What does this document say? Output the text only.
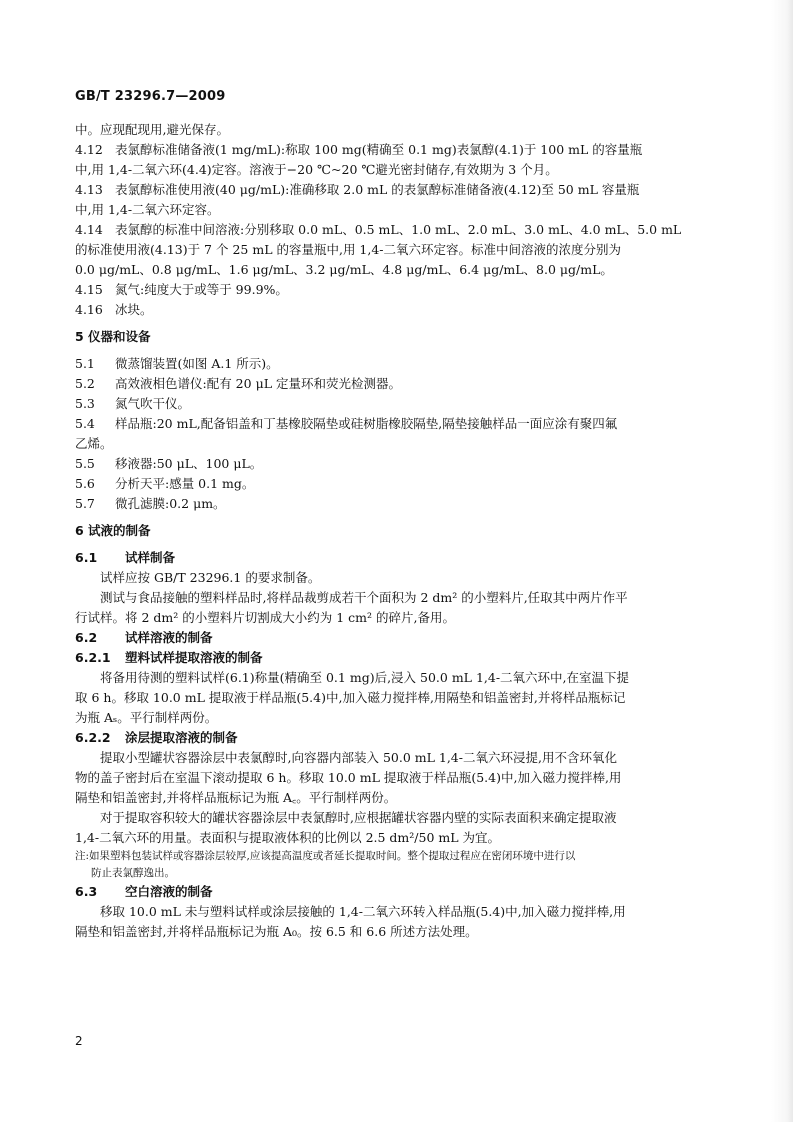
GB/T 23296.7—2009
中。应现配现用,避光保存。
4.12 表氯醇标准储备液(1 mg/mL):称取 100 mg(精确至 0.1 mg)表氯醇(4.1)于 100 mL 的容量瓶
中,用 1,4-二氧六环(4.4)定容。溶液于−20 ℃~20 ℃避光密封储存,有效期为 3 个月。
4.13 表氯醇标准使用液(40 μg/mL):准确移取 2.0 mL 的表氯醇标准储备液(4.12)至 50 mL 容量瓶
中,用 1,4-二氧六环定容。
4.14 表氯醇的标准中间溶液:分别移取 0.0 mL、0.5 mL、1.0 mL、2.0 mL、3.0 mL、4.0 mL、5.0 mL
的标准使用液(4.13)于 7 个 25 mL 的容量瓶中,用 1,4-二氧六环定容。标准中间溶液的浓度分别为
0.0 μg/mL、0.8 μg/mL、1.6 μg/mL、3.2 μg/mL、4.8 μg/mL、6.4 μg/mL、8.0 μg/mL。
4.15 氮气:纯度大于或等于 99.9%。
4.16 冰块。
5 仪器和设备
5.1 微蒸馏装置(如图 A.1 所示)。
5.2 高效液相色谱仪:配有 20 μL 定量环和荧光检测器。
5.3 氮气吹干仪。
5.4 样品瓶:20 mL,配备铝盖和丁基橡胶隔垫或硅树脂橡胶隔垫,隔垫接触样品一面应涂有聚四氟
乙烯。
5.5 移液器:50 μL、100 μL。
5.6 分析天平:感量 0.1 mg。
5.7 微孔滤膜:0.2 μm。
6 试液的制备
6.1 试样制备
试样应按 GB/T 23296.1 的要求制备。
测试与食品接触的塑料样品时,将样品裁剪成若干个面积为 2 dm² 的小塑料片,任取其中两片作平
行试样。将 2 dm² 的小塑料片切割成大小约为 1 cm² 的碎片,备用。
6.2 试样溶液的制备
6.2.1 塑料试样提取溶液的制备
将备用待测的塑料试样(6.1)称量(精确至 0.1 mg)后,浸入 50.0 mL 1,4-二氧六环中,在室温下提
取 6 h。移取 10.0 mL 提取液于样品瓶(5.4)中,加入磁力搅拌棒,用隔垫和铝盖密封,并将样品瓶标记
为瓶 Aₛ。平行制样两份。
6.2.2 涂层提取溶液的制备
提取小型罐状容器涂层中表氯醇时,向容器内部装入 50.0 mL 1,4-二氧六环浸提,用不含环氧化
物的盖子密封后在室温下滚动提取 6 h。移取 10.0 mL 提取液于样品瓶(5.4)中,加入磁力搅拌棒,用
隔垫和铝盖密封,并将样品瓶标记为瓶 A꜀。平行制样两份。
对于提取容积较大的罐状容器涂层中表氯醇时,应根据罐状容器内壁的实际表面积来确定提取液
1,4-二氧六环的用量。表面积与提取液体积的比例以 2.5 dm²/50 mL 为宜。
注:如果塑料包装试样或容器涂层较厚,应该提高温度或者延长提取时间。整个提取过程应在密闭环境中进行以
防止表氯醇逸出。
6.3 空白溶液的制备
移取 10.0 mL 未与塑料试样或涂层接触的 1,4-二氧六环转入样品瓶(5.4)中,加入磁力搅拌棒,用
隔垫和铝盖密封,并将样品瓶标记为瓶 A₀。按 6.5 和 6.6 所述方法处理。
2
